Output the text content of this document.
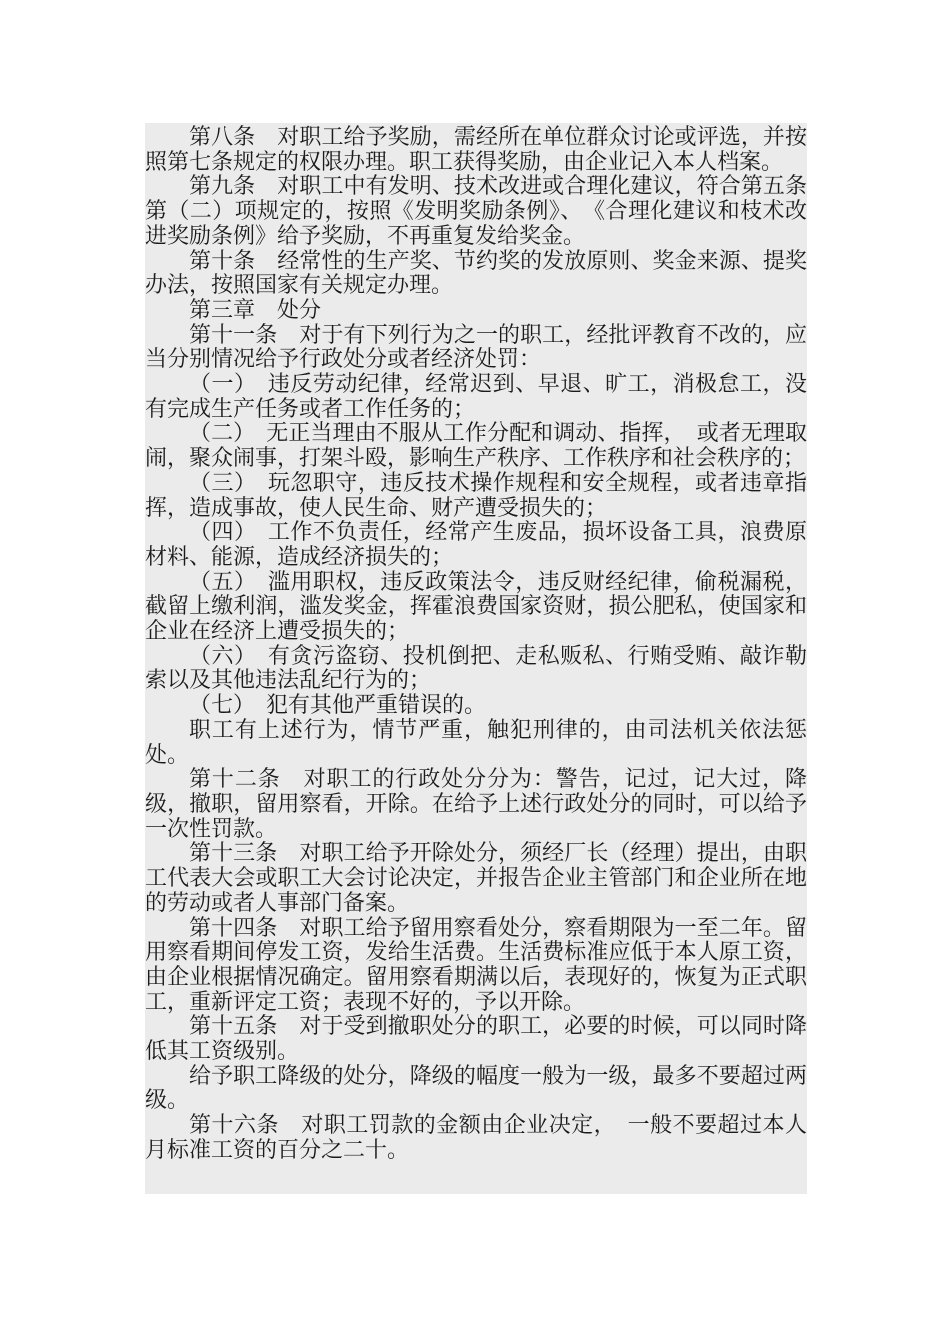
第八条　对职工给予奖励，需经所在单位群众讨论或评选，并按照第七条规定的权限办理。职工获得奖励，由企业记入本人档案。

第九条　对职工中有发明、技术改进或合理化建议，符合第五条第（二）项规定的，按照《发明奖励条例》、　《合理化建议和枝术改进奖励条例》给予奖励，不再重复发给奖金。

第十条　经常性的生产奖、节约奖的发放原则、奖金来源、提奖办法，按照国家有关规定办理。

第三章　处分

第十一条　对于有下列行为之一的职工，经批评教育不改的，应当分别情况给予行政处分或者经济处罚：

（一）　违反劳动纪律，经常迟到、早退、旷工，消极怠工，没有完成生产任务或者工作任务的；

（二）　无正当理由不服从工作分配和调动、指挥，　或者无理取闹，聚众闹事，打架斗殴，影响生产秩序、工作秩序和社会秩序的；

（三）　玩忽职守，违反技术操作规程和安全规程，或者违章指挥，造成事故，使人民生命、财产遭受损失的；

（四）　工作不负责任，经常产生废品，损坏设备工具，浪费原材料、能源，造成经济损失的；

（五）　滥用职权，违反政策法令，违反财经纪律，偷税漏税，截留上缴利润，滥发奖金，挥霍浪费国家资财，损公肥私，使国家和企业在经济上遭受损失的；

（六）　有贪污盗窃、投机倒把、走私贩私、行贿受贿、敲诈勒索以及其他违法乱纪行为的；

（七）　犯有其他严重错误的。

职工有上述行为，情节严重，触犯刑律的，由司法机关依法惩处。

第十二条　对职工的行政处分分为：警告，记过，记大过，降级，撤职，留用察看，开除。在给予上述行政处分的同时，可以给予一次性罚款。

第十三条　对职工给予开除处分，须经厂长（经理）提出，由职工代表大会或职工大会讨论决定，并报告企业主管部门和企业所在地的劳动或者人事部门备案。

第十四条　对职工给予留用察看处分，察看期限为一至二年。留用察看期间停发工资，发给生活费。生活费标准应低于本人原工资，由企业根据情况确定。留用察看期满以后，表现好的，恢复为正式职工，重新评定工资；表现不好的，予以开除。

第十五条　对于受到撤职处分的职工，必要的时候，可以同时降低其工资级别。

给予职工降级的处分，降级的幅度一般为一级，最多不要超过两级。

第十六条　对职工罚款的金额由企业决定，　一般不要超过本人月标准工资的百分之二十。
